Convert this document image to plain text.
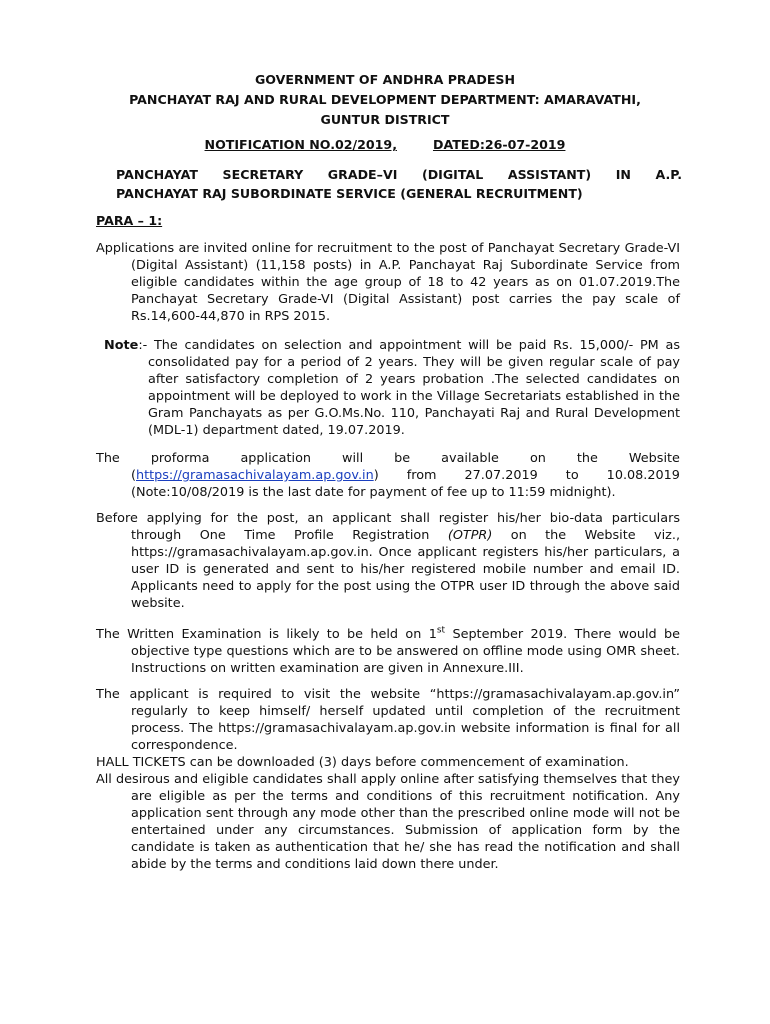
GOVERNMENT OF ANDHRA PRADESH
PANCHAYAT RAJ AND RURAL DEVELOPMENT DEPARTMENT: AMARAVATHI,
GUNTUR DISTRICT
NOTIFICATION NO.02/2019,	DATED:26-07-2019
PANCHAYAT SECRETARY GRADE–VI (DIGITAL ASSISTANT) IN A.P.
PANCHAYAT RAJ SUBORDINATE SERVICE (GENERAL RECRUITMENT)
PARA – 1:
Applications are invited online for recruitment to the post of Panchayat Secretary Grade-VI (Digital Assistant) (11,158 posts) in A.P. Panchayat Raj Subordinate Service from eligible candidates within the age group of 18 to 42 years as on 01.07.2019.The Panchayat Secretary Grade-VI (Digital Assistant) post carries the pay scale of Rs.14,600-44,870 in RPS 2015.
Note:- The candidates on selection and appointment will be paid Rs. 15,000/- PM as consolidated pay for a period of 2 years. They will be given regular scale of pay after satisfactory completion of 2 years probation .The selected candidates on appointment will be deployed to work in the Village Secretariats established in the Gram Panchayats as per G.O.Ms.No. 110, Panchayati Raj and Rural Development (MDL-1) department dated, 19.07.2019.
The proforma application will be available on the Website
(https://gramasachivalayam.ap.gov.in) from 27.07.2019 to 10.08.2019
(Note:10/08/2019 is the last date for payment of fee up to 11:59 midnight).
Before applying for the post, an applicant shall register his/her bio-data particulars through One Time Profile Registration (OTPR) on the Website viz., https://gramasachivalayam.ap.gov.in. Once applicant registers his/her particulars, a user ID is generated and sent to his/her registered mobile number and email ID. Applicants need to apply for the post using the OTPR user ID through the above said website.
The Written Examination is likely to be held on 1st September 2019. There would be objective type questions which are to be answered on offline mode using OMR sheet. Instructions on written examination are given in Annexure.III.
The applicant is required to visit the website “https://gramasachivalayam.ap.gov.in” regularly to keep himself/ herself updated until completion of the recruitment process. The https://gramasachivalayam.ap.gov.in website information is final for all correspondence.
HALL TICKETS can be downloaded (3) days before commencement of examination.
All desirous and eligible candidates shall apply online after satisfying themselves that they are eligible as per the terms and conditions of this recruitment notification. Any application sent through any mode other than the prescribed online mode will not be entertained under any circumstances. Submission of application form by the candidate is taken as authentication that he/ she has read the notification and shall abide by the terms and conditions laid down there under.
